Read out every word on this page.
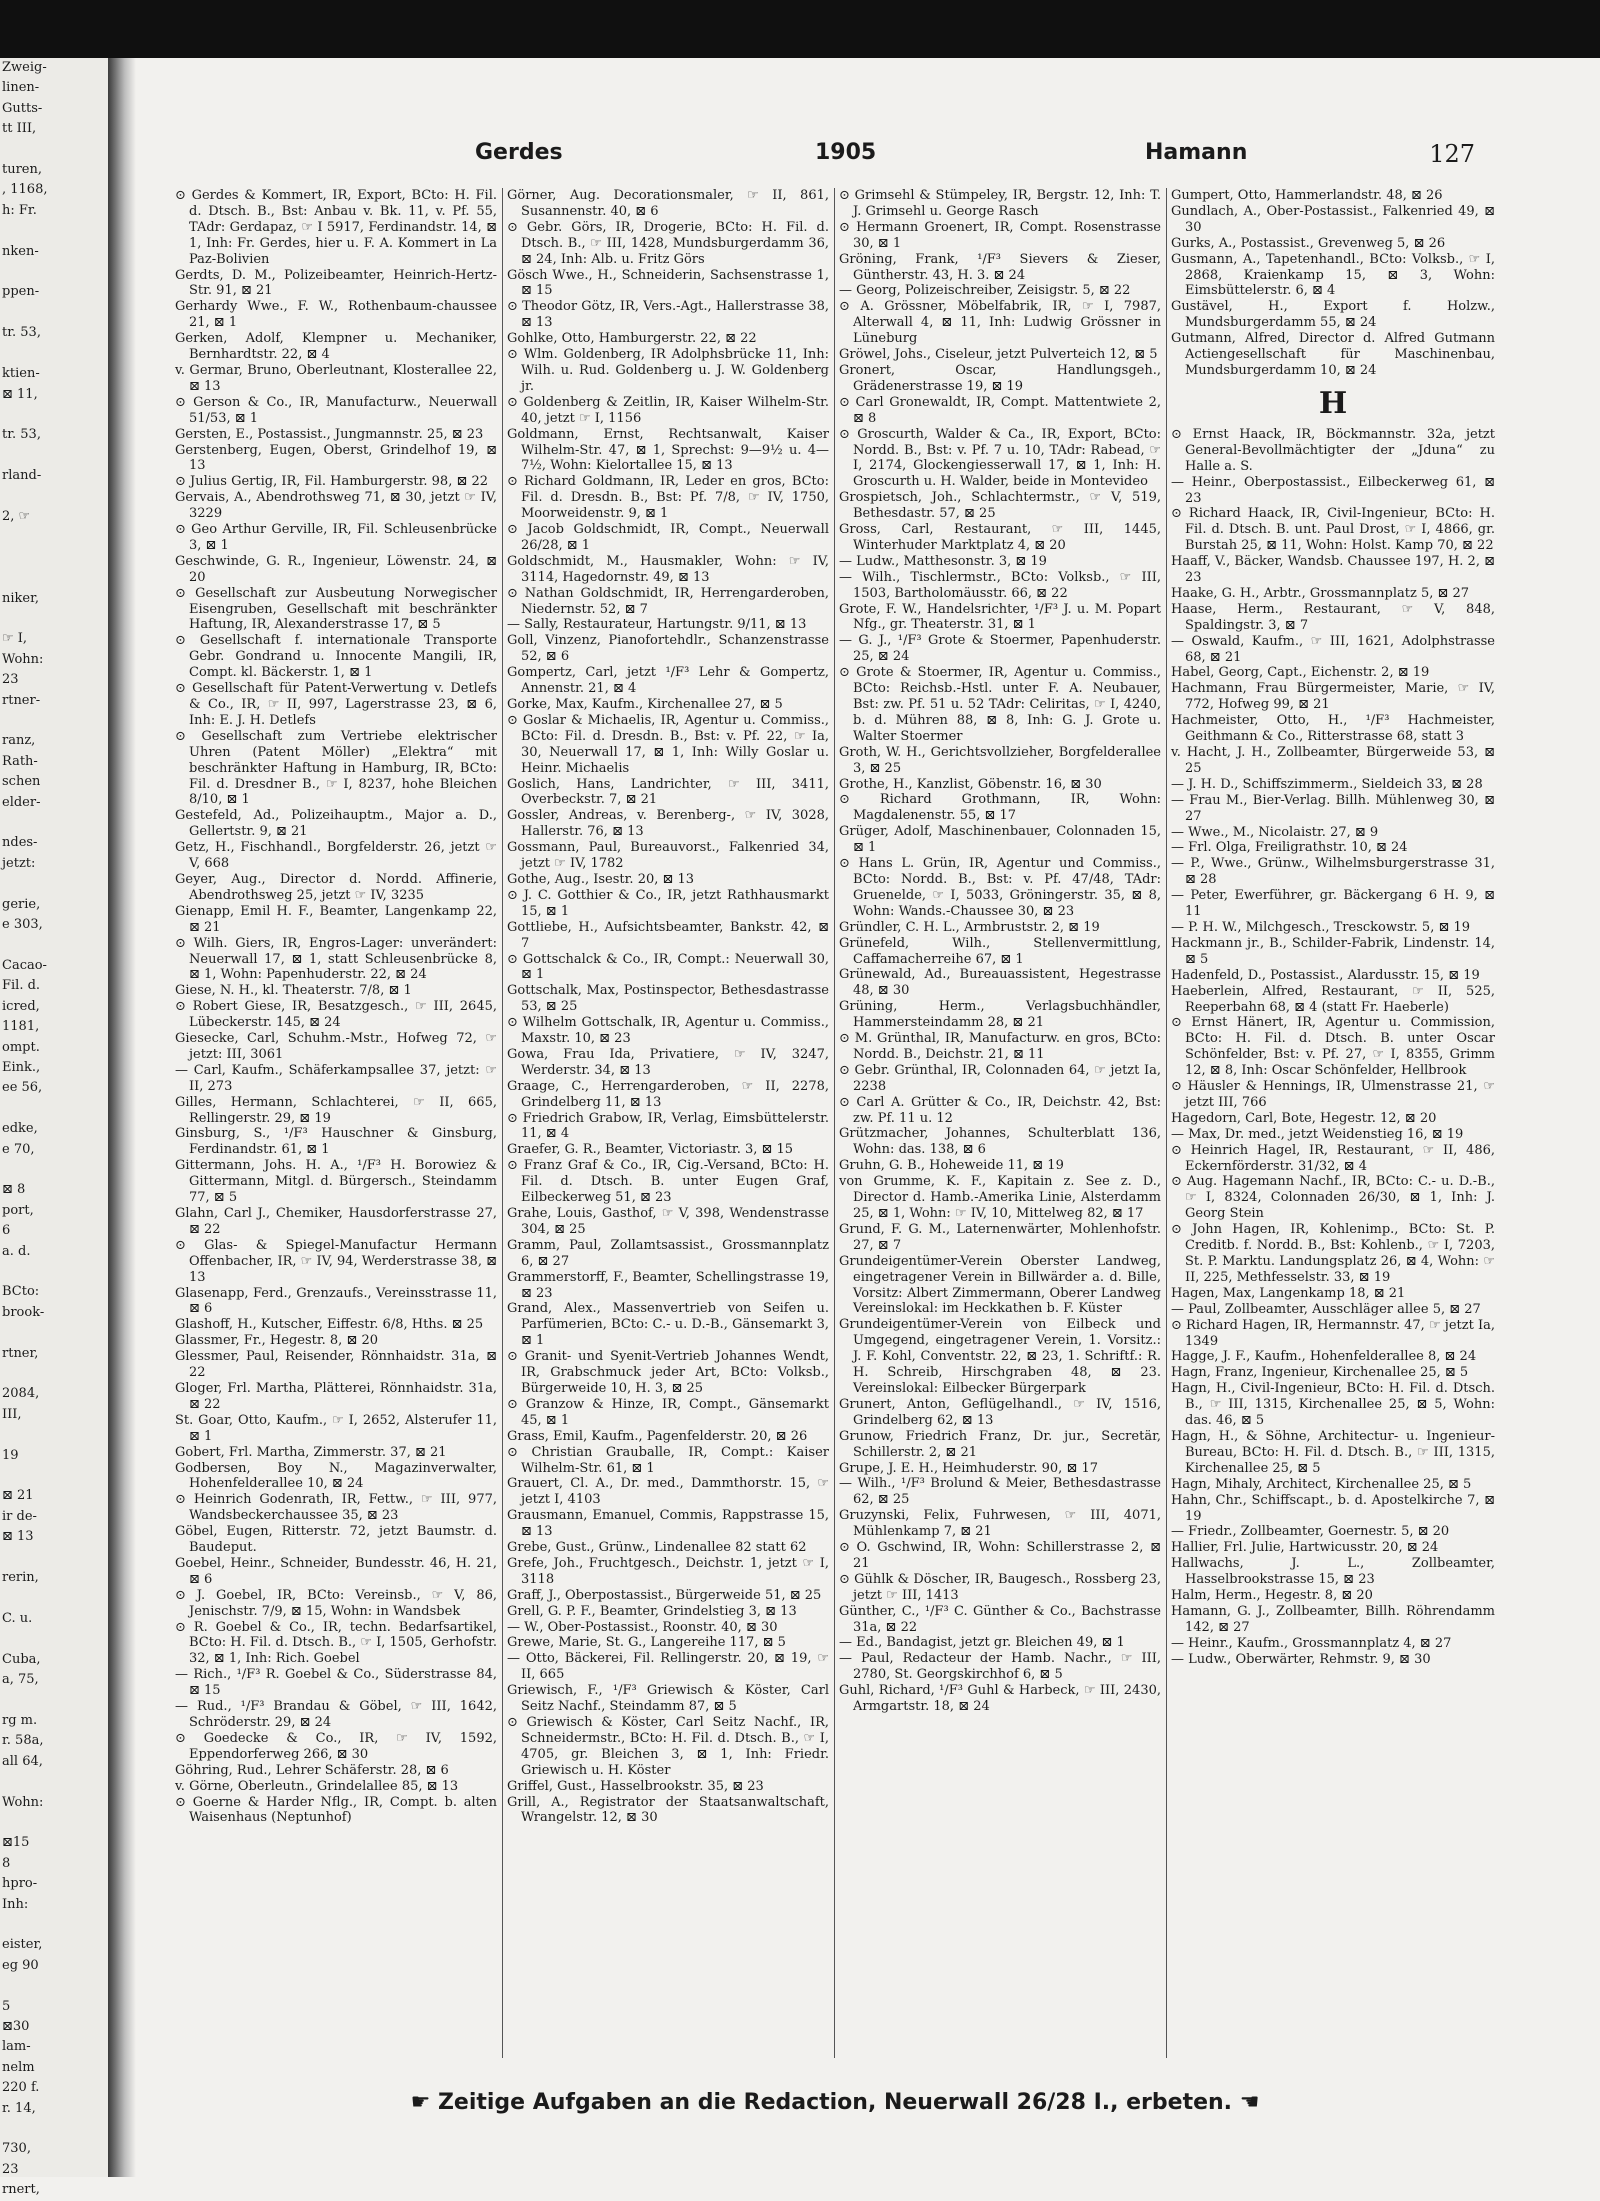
Zweig-
linen-
Gutts-
tt III,

turen,
, 1168,
h: Fr.

nken-

ppen-

tr. 53,

ktien-
⊠ 11,

tr. 53,

rland-

2, ☞

niker,

☞ I,
Wohn:
23
rtner-

ranz,
Rath-
schen
elder-

ndes-
jetzt:

gerie,
e 303,

Cacao-
Fil. d.
icred,
1181,
ompt.
Eink.,
ee 56,

edke,
e 70,

⊠ 8
port,
6
a. d.

BCto:
brook-

rtner,

2084,
III,

19

⊠ 21
ir de-
⊠ 13

rerin,

C. u.

Cuba,
a, 75,

rg m.
r. 58a,
all 64,

Wohn:

⊠15
8
hpro-
Inh:

eister,
eg 90

5
⊠30
lam-
nelm
220 f.
r. 14,

730,
23
rnert,
Gerdes	1905	Hamann	127
⊙ Gerdes & Kommert, IR, Export, BCto: H. Fil. d. Dtsch. B., Bst: Anbau v. Bk. 11, v. Pf. 55, TAdr: Gerdapaz, ☞ I 5917, Ferdinandstr. 14, ⊠ 1, Inh: Fr. Gerdes, hier u. F. A. Kommert in La Paz-Bolivien
Gerdts, D. M., Polizeibeamter, Heinrich-Hertz-Str. 91, ⊠ 21
Gerhardy Wwe., F. W., Rothenbaum-chaussee 21, ⊠ 1
Gerken, Adolf, Klempner u. Mechaniker, Bernhardtstr. 22, ⊠ 4
v. Germar, Bruno, Oberleutnant, Klosterallee 22, ⊠ 13
⊙ Gerson & Co., IR, Manufacturw., Neuerwall 51/53, ⊠ 1
Gersten, E., Postassist., Jungmannstr. 25, ⊠ 23
Gerstenberg, Eugen, Oberst, Grindelhof 19, ⊠ 13
⊙ Julius Gertig, IR, Fil. Hamburgerstr. 98, ⊠ 22
Gervais, A., Abendrothsweg 71, ⊠ 30, jetzt ☞ IV, 3229
⊙ Geo Arthur Gerville, IR, Fil. Schleusenbrücke 3, ⊠ 1
Geschwinde, G. R., Ingenieur, Löwenstr. 24, ⊠ 20
⊙ Gesellschaft zur Ausbeutung Norwegischer Eisengruben, Gesellschaft mit beschränkter Haftung, IR, Alexanderstrasse 17, ⊠ 5
⊙ Gesellschaft f. internationale Transporte Gebr. Gondrand u. Innocente Mangili, IR, Compt. kl. Bäckerstr. 1, ⊠ 1
⊙ Gesellschaft für Patent-Verwertung v. Detlefs & Co., IR, ☞ II, 997, Lagerstrasse 23, ⊠ 6, Inh: E. J. H. Detlefs
⊙ Gesellschaft zum Vertriebe elektrischer Uhren (Patent Möller) „Elektra“ mit beschränkter Haftung in Hamburg, IR, BCto: Fil. d. Dresdner B., ☞ I, 8237, hohe Bleichen 8/10, ⊠ 1
Gestefeld, Ad., Polizeihauptm., Major a. D., Gellertstr. 9, ⊠ 21
Getz, H., Fischhandl., Borgfelderstr. 26, jetzt ☞ V, 668
Geyer, Aug., Director d. Nordd. Affinerie, Abendrothsweg 25, jetzt ☞ IV, 3235
Gienapp, Emil H. F., Beamter, Langenkamp 22, ⊠ 21
⊙ Wilh. Giers, IR, Engros-Lager: unverändert: Neuerwall 17, ⊠ 1, statt Schleusenbrücke 8, ⊠ 1, Wohn: Papenhuderstr. 22, ⊠ 24
Giese, N. H., kl. Theaterstr. 7/8, ⊠ 1
⊙ Robert Giese, IR, Besatzgesch., ☞ III, 2645, Lübeckerstr. 145, ⊠ 24
Giesecke, Carl, Schuhm.-Mstr., Hofweg 72, ☞ jetzt: III, 3061
— Carl, Kaufm., Schäferkampsallee 37, jetzt: ☞ II, 273
Gilles, Hermann, Schlachterei, ☞ II, 665, Rellingerstr. 29, ⊠ 19
Ginsburg, S., ¹/F³ Hauschner & Ginsburg, Ferdinandstr. 61, ⊠ 1
Gittermann, Johs. H. A., ¹/F³ H. Borowiez & Gittermann, Mitgl. d. Bürgersch., Steindamm 77, ⊠ 5
Glahn, Carl J., Chemiker, Hausdorferstrasse 27, ⊠ 22
⊙ Glas- & Spiegel-Manufactur Hermann Offenbacher, IR, ☞ IV, 94, Werderstrasse 38, ⊠ 13
Glasenapp, Ferd., Grenzaufs., Vereinsstrasse 11, ⊠ 6
Glashoff, H., Kutscher, Eiffestr. 6/8, Hths. ⊠ 25
Glassmer, Fr., Hegestr. 8, ⊠ 20
Glessmer, Paul, Reisender, Rönnhaidstr. 31a, ⊠ 22
Gloger, Frl. Martha, Plätterei, Rönnhaidstr. 31a, ⊠ 22
St. Goar, Otto, Kaufm., ☞ I, 2652, Alsterufer 11, ⊠ 1
Gobert, Frl. Martha, Zimmerstr. 37, ⊠ 21
Godbersen, Boy N., Magazinverwalter, Hohenfelderallee 10, ⊠ 24
⊙ Heinrich Godenrath, IR, Fettw., ☞ III, 977, Wandsbeckerchaussee 35, ⊠ 23
Göbel, Eugen, Ritterstr. 72, jetzt Baumstr. d. Baudeput.
Goebel, Heinr., Schneider, Bundesstr. 46, H. 21, ⊠ 6
⊙ J. Goebel, IR, BCto: Vereinsb., ☞ V, 86, Jenischstr. 7/9, ⊠ 15, Wohn: in Wandsbek
⊙ R. Goebel & Co., IR, techn. Bedarfsartikel, BCto: H. Fil. d. Dtsch. B., ☞ I, 1505, Gerhofstr. 32, ⊠ 1, Inh: Rich. Goebel
— Rich., ¹/F³ R. Goebel & Co., Süderstrasse 84, ⊠ 15
— Rud., ¹/F³ Brandau & Göbel, ☞ III, 1642, Schröderstr. 29, ⊠ 24
⊙ Goedecke & Co., IR, ☞ IV, 1592, Eppendorferweg 266, ⊠ 30
Göhring, Rud., Lehrer Schäferstr. 28, ⊠ 6
v. Görne, Oberleutn., Grindelallee 85, ⊠ 13
⊙ Goerne & Harder Nflg., IR, Compt. b. alten Waisenhaus (Neptunhof)
Görner, Aug. Decorationsmaler, ☞ II, 861, Susannenstr. 40, ⊠ 6
⊙ Gebr. Görs, IR, Drogerie, BCto: H. Fil. d. Dtsch. B., ☞ III, 1428, Mundsburgerdamm 36, ⊠ 24, Inh: Alb. u. Fritz Görs
Gösch Wwe., H., Schneiderin, Sachsenstrasse 1, ⊠ 15
⊙ Theodor Götz, IR, Vers.-Agt., Hallerstrasse 38, ⊠ 13
Gohlke, Otto, Hamburgerstr. 22, ⊠ 22
⊙ Wlm. Goldenberg, IR Adolphsbrücke 11, Inh: Wilh. u. Rud. Goldenberg u. J. W. Goldenberg jr.
⊙ Goldenberg & Zeitlin, IR, Kaiser Wilhelm-Str. 40, jetzt ☞ I, 1156
Goldmann, Ernst, Rechtsanwalt, Kaiser Wilhelm-Str. 47, ⊠ 1, Sprechst: 9—9½ u. 4—7½, Wohn: Kielortallee 15, ⊠ 13
⊙ Richard Goldmann, IR, Leder en gros, BCto: Fil. d. Dresdn. B., Bst: Pf. 7/8, ☞ IV, 1750, Moorweidenstr. 9, ⊠ 1
⊙ Jacob Goldschmidt, IR, Compt., Neuerwall 26/28, ⊠ 1
Goldschmidt, M., Hausmakler, Wohn: ☞ IV, 3114, Hagedornstr. 49, ⊠ 13
⊙ Nathan Goldschmidt, IR, Herrengarderoben, Niedernstr. 52, ⊠ 7
— Sally, Restaurateur, Hartungstr. 9/11, ⊠ 13
Goll, Vinzenz, Pianofortehdlr., Schanzenstrasse 52, ⊠ 6
Gompertz, Carl, jetzt ¹/F³ Lehr & Gompertz, Annenstr. 21, ⊠ 4
Gorke, Max, Kaufm., Kirchenallee 27, ⊠ 5
⊙ Goslar & Michaelis, IR, Agentur u. Commiss., BCto: Fil. d. Dresdn. B., Bst: v. Pf. 22, ☞ Ia, 30, Neuerwall 17, ⊠ 1, Inh: Willy Goslar u. Heinr. Michaelis
Goslich, Hans, Landrichter, ☞ III, 3411, Overbeckstr. 7, ⊠ 21
Gossler, Andreas, v. Berenberg-, ☞ IV, 3028, Hallerstr. 76, ⊠ 13
Gossmann, Paul, Bureauvorst., Falkenried 34, jetzt ☞ IV, 1782
Gothe, Aug., Isestr. 20, ⊠ 13
⊙ J. C. Gotthier & Co., IR, jetzt Rathhausmarkt 15, ⊠ 1
Gottliebe, H., Aufsichtsbeamter, Bankstr. 42, ⊠ 7
⊙ Gottschalck & Co., IR, Compt.: Neuerwall 30, ⊠ 1
Gottschalk, Max, Postinspector, Bethesdastrasse 53, ⊠ 25
⊙ Wilhelm Gottschalk, IR, Agentur u. Commiss., Maxstr. 10, ⊠ 23
Gowa, Frau Ida, Privatiere, ☞ IV, 3247, Werderstr. 34, ⊠ 13
Graage, C., Herrengarderoben, ☞ II, 2278, Grindelberg 11, ⊠ 13
⊙ Friedrich Grabow, IR, Verlag, Eimsbüttelerstr. 11, ⊠ 4
Graefer, G. R., Beamter, Victoriastr. 3, ⊠ 15
⊙ Franz Graf & Co., IR, Cig.-Versand, BCto: H. Fil. d. Dtsch. B. unter Eugen Graf, Eilbeckerweg 51, ⊠ 23
Grahe, Louis, Gasthof, ☞ V, 398, Wendenstrasse 304, ⊠ 25
Gramm, Paul, Zollamtsassist., Grossmannplatz 6, ⊠ 27
Grammerstorff, F., Beamter, Schellingstrasse 19, ⊠ 23
Grand, Alex., Massenvertrieb von Seifen u. Parfümerien, BCto: C.- u. D.-B., Gänsemarkt 3, ⊠ 1
⊙ Granit- und Syenit-Vertrieb Johannes Wendt, IR, Grabschmuck jeder Art, BCto: Volksb., Bürgerweide 10, H. 3, ⊠ 25
⊙ Granzow & Hinze, IR, Compt., Gänsemarkt 45, ⊠ 1
Grass, Emil, Kaufm., Pagenfelderstr. 20, ⊠ 26
⊙ Christian Grauballe, IR, Compt.: Kaiser Wilhelm-Str. 61, ⊠ 1
Grauert, Cl. A., Dr. med., Dammthorstr. 15, ☞ jetzt I, 4103
Grausmann, Emanuel, Commis, Rappstrasse 15, ⊠ 13
Grebe, Gust., Grünw., Lindenallee 82 statt 62
Grefe, Joh., Fruchtgesch., Deichstr. 1, jetzt ☞ I, 3118
Graff, J., Oberpostassist., Bürgerweide 51, ⊠ 25
Grell, G. P. F., Beamter, Grindelstieg 3, ⊠ 13
— W., Ober-Postassist., Roonstr. 40, ⊠ 30
Grewe, Marie, St. G., Langereihe 117, ⊠ 5
— Otto, Bäckerei, Fil. Rellingerstr. 20, ⊠ 19, ☞ II, 665
Griewisch, F., ¹/F³ Griewisch & Köster, Carl Seitz Nachf., Steindamm 87, ⊠ 5
⊙ Griewisch & Köster, Carl Seitz Nachf., IR, Schneidermstr., BCto: H. Fil. d. Dtsch. B., ☞ I, 4705, gr. Bleichen 3, ⊠ 1, Inh: Friedr. Griewisch u. H. Köster
Griffel, Gust., Hasselbrookstr. 35, ⊠ 23
Grill, A., Registrator der Staatsanwaltschaft, Wrangelstr. 12, ⊠ 30
⊙ Grimsehl & Stümpeley, IR, Bergstr. 12, Inh: T. J. Grimsehl u. George Rasch
⊙ Hermann Groenert, IR, Compt. Rosenstrasse 30, ⊠ 1
Gröning, Frank, ¹/F³ Sievers & Zieser, Güntherstr. 43, H. 3. ⊠ 24
— Georg, Polizeischreiber, Zeisigstr. 5, ⊠ 22
⊙ A. Grössner, Möbelfabrik, IR, ☞ I, 7987, Alterwall 4, ⊠ 11, Inh: Ludwig Grössner in Lüneburg
Gröwel, Johs., Ciseleur, jetzt Pulverteich 12, ⊠ 5
Gronert, Oscar, Handlungsgeh., Grädenerstrasse 19, ⊠ 19
⊙ Carl Gronewaldt, IR, Compt. Mattentwiete 2, ⊠ 8
⊙ Groscurth, Walder & Ca., IR, Export, BCto: Nordd. B., Bst: v. Pf. 7 u. 10, TAdr: Rabead, ☞ I, 2174, Glockengiesserwall 17, ⊠ 1, Inh: H. Groscurth u. H. Walder, beide in Montevideo
Grospietsch, Joh., Schlachtermstr., ☞ V, 519, Bethesdastr. 57, ⊠ 25
Gross, Carl, Restaurant, ☞ III, 1445, Winterhuder Marktplatz 4, ⊠ 20
— Ludw., Matthesonstr. 3, ⊠ 19
— Wilh., Tischlermstr., BCto: Volksb., ☞ III, 1503, Bartholomäusstr. 66, ⊠ 22
Grote, F. W., Handelsrichter, ¹/F³ J. u. M. Popart Nfg., gr. Theaterstr. 31, ⊠ 1
— G. J., ¹/F³ Grote & Stoermer, Papenhuderstr. 25, ⊠ 24
⊙ Grote & Stoermer, IR, Agentur u. Commiss., BCto: Reichsb.-Hstl. unter F. A. Neubauer, Bst: zw. Pf. 51 u. 52 TAdr: Celiritas, ☞ I, 4240, b. d. Mühren 88, ⊠ 8, Inh: G. J. Grote u. Walter Stoermer
Groth, W. H., Gerichtsvollzieher, Borgfelderallee 3, ⊠ 25
Grothe, H., Kanzlist, Göbenstr. 16, ⊠ 30
⊙ Richard Grothmann, IR, Wohn: Magdalenenstr. 55, ⊠ 17
Grüger, Adolf, Maschinenbauer, Colonnaden 15, ⊠ 1
⊙ Hans L. Grün, IR, Agentur und Commiss., BCto: Nordd. B., Bst: v. Pf. 47/48, TAdr: Gruenelde, ☞ I, 5033, Gröningerstr. 35, ⊠ 8, Wohn: Wands.-Chaussee 30, ⊠ 23
Gründler, C. H. L., Armbruststr. 2, ⊠ 19
Grünefeld, Wilh., Stellenvermittlung, Caffamacherreihe 67, ⊠ 1
Grünewald, Ad., Bureauassistent, Hegestrasse 48, ⊠ 30
Grüning, Herm., Verlagsbuchhändler, Hammersteindamm 28, ⊠ 21
⊙ M. Grünthal, IR, Manufacturw. en gros, BCto: Nordd. B., Deichstr. 21, ⊠ 11
⊙ Gebr. Grünthal, IR, Colonnaden 64, ☞ jetzt Ia, 2238
⊙ Carl A. Grütter & Co., IR, Deichstr. 42, Bst: zw. Pf. 11 u. 12
Grützmacher, Johannes, Schulterblatt 136, Wohn: das. 138, ⊠ 6
Gruhn, G. B., Hoheweide 11, ⊠ 19
von Grumme, K. F., Kapitain z. See z. D., Director d. Hamb.-Amerika Linie, Alsterdamm 25, ⊠ 1, Wohn: ☞ IV, 10, Mittelweg 82, ⊠ 17
Grund, F. G. M., Laternenwärter, Mohlenhofstr. 27, ⊠ 7
Grundeigentümer-Verein Oberster Landweg, eingetragener Verein in Billwärder a. d. Bille, Vorsitz: Albert Zimmermann, Oberer Landweg Vereinslokal: im Heckkathen b. F. Küster
Grundeigentümer-Verein von Eilbeck und Umgegend, eingetragener Verein, 1. Vorsitz.: J. F. Kohl, Conventstr. 22, ⊠ 23, 1. Schriftf.: R. H. Schreib, Hirschgraben 48, ⊠ 23. Vereinslokal: Eilbecker Bürgerpark
Grunert, Anton, Geflügelhandl., ☞ IV, 1516, Grindelberg 62, ⊠ 13
Grunow, Friedrich Franz, Dr. jur., Secretär, Schillerstr. 2, ⊠ 21
Grupe, J. E. H., Heimhuderstr. 90, ⊠ 17
— Wilh., ¹/F³ Brolund & Meier, Bethesdastrasse 62, ⊠ 25
Gruzynski, Felix, Fuhrwesen, ☞ III, 4071, Mühlenkamp 7, ⊠ 21
⊙ O. Gschwind, IR, Wohn: Schillerstrasse 2, ⊠ 21
⊙ Gühlk & Döscher, IR, Baugesch., Rossberg 23, jetzt ☞ III, 1413
Günther, C., ¹/F³ C. Günther & Co., Bachstrasse 31a, ⊠ 22
— Ed., Bandagist, jetzt gr. Bleichen 49, ⊠ 1
— Paul, Redacteur der Hamb. Nachr., ☞ III, 2780, St. Georgskirchhof 6, ⊠ 5
Guhl, Richard, ¹/F³ Guhl & Harbeck, ☞ III, 2430, Armgartstr. 18, ⊠ 24
Gumpert, Otto, Hammerlandstr. 48, ⊠ 26
Gundlach, A., Ober-Postassist., Falkenried 49, ⊠ 30
Gurks, A., Postassist., Grevenweg 5, ⊠ 26
Gusmann, A., Tapetenhandl., BCto: Volksb., ☞ I, 2868, Kraienkamp 15, ⊠ 3, Wohn: Eimsbüttelerstr. 6, ⊠ 4
Gustävel, H., Export f. Holzw., Mundsburgerdamm 55, ⊠ 24
Gutmann, Alfred, Director d. Alfred Gutmann Actiengesellschaft für Maschinenbau, Mundsburgerdamm 10, ⊠ 24
H
⊙ Ernst Haack, IR, Böckmannstr. 32a, jetzt General-Bevollmächtigter der „Jduna“ zu Halle a. S.
— Heinr., Oberpostassist., Eilbeckerweg 61, ⊠ 23
⊙ Richard Haack, IR, Civil-Ingenieur, BCto: H. Fil. d. Dtsch. B. unt. Paul Drost, ☞ I, 4866, gr. Burstah 25, ⊠ 11, Wohn: Holst. Kamp 70, ⊠ 22
Haaff, V., Bäcker, Wandsb. Chaussee 197, H. 2, ⊠ 23
Haake, G. H., Arbtr., Grossmannplatz 5, ⊠ 27
Haase, Herm., Restaurant, ☞ V, 848, Spaldingstr. 3, ⊠ 7
— Oswald, Kaufm., ☞ III, 1621, Adolphstrasse 68, ⊠ 21
Habel, Georg, Capt., Eichenstr. 2, ⊠ 19
Hachmann, Frau Bürgermeister, Marie, ☞ IV, 772, Hofweg 99, ⊠ 21
Hachmeister, Otto, H., ¹/F³ Hachmeister, Geithmann & Co., Ritterstrasse 68, statt 3
v. Hacht, J. H., Zollbeamter, Bürgerweide 53, ⊠ 25
— J. H. D., Schiffszimmerm., Sieldeich 33, ⊠ 28
— Frau M., Bier-Verlag. Billh. Mühlenweg 30, ⊠ 27
— Wwe., M., Nicolaistr. 27, ⊠ 9
— Frl. Olga, Freiligrathstr. 10, ⊠ 24
— P., Wwe., Grünw., Wilhelmsburgerstrasse 31, ⊠ 28
— Peter, Ewerführer, gr. Bäckergang 6 H. 9, ⊠ 11
— P. H. W., Milchgesch., Tresckowstr. 5, ⊠ 19
Hackmann jr., B., Schilder-Fabrik, Lindenstr. 14, ⊠ 5
Hadenfeld, D., Postassist., Alardusstr. 15, ⊠ 19
Haeberlein, Alfred, Restaurant, ☞ II, 525, Reeperbahn 68, ⊠ 4 (statt Fr. Haeberle)
⊙ Ernst Hänert, IR, Agentur u. Commission, BCto: H. Fil. d. Dtsch. B. unter Oscar Schönfelder, Bst: v. Pf. 27, ☞ I, 8355, Grimm 12, ⊠ 8, Inh: Oscar Schönfelder, Hellbrook
⊙ Häusler & Hennings, IR, Ulmenstrasse 21, ☞ jetzt III, 766
Hagedorn, Carl, Bote, Hegestr. 12, ⊠ 20
— Max, Dr. med., jetzt Weidenstieg 16, ⊠ 19
⊙ Heinrich Hagel, IR, Restaurant, ☞ II, 486, Eckernförderstr. 31/32, ⊠ 4
⊙ Aug. Hagemann Nachf., IR, BCto: C.- u. D.-B., ☞ I, 8324, Colonnaden 26/30, ⊠ 1, Inh: J. Georg Stein
⊙ John Hagen, IR, Kohlenimp., BCto: St. P. Creditb. f. Nordd. B., Bst: Kohlenb., ☞ I, 7203, St. P. Marktu. Landungsplatz 26, ⊠ 4, Wohn: ☞ II, 225, Methfesselstr. 33, ⊠ 19
Hagen, Max, Langenkamp 18, ⊠ 21
— Paul, Zollbeamter, Ausschläger allee 5, ⊠ 27
⊙ Richard Hagen, IR, Hermannstr. 47, ☞ jetzt Ia, 1349
Hagge, J. F., Kaufm., Hohenfelderallee 8, ⊠ 24
Hagn, Franz, Ingenieur, Kirchenallee 25, ⊠ 5
Hagn, H., Civil-Ingenieur, BCto: H. Fil. d. Dtsch. B., ☞ III, 1315, Kirchenallee 25, ⊠ 5, Wohn: das. 46, ⊠ 5
Hagn, H., & Söhne, Architectur- u. Ingenieur-Bureau, BCto: H. Fil. d. Dtsch. B., ☞ III, 1315, Kirchenallee 25, ⊠ 5
Hagn, Mihaly, Architect, Kirchenallee 25, ⊠ 5
Hahn, Chr., Schiffscapt., b. d. Apostelkirche 7, ⊠ 19
— Friedr., Zollbeamter, Goernestr. 5, ⊠ 20
Hallier, Frl. Julie, Hartwicusstr. 20, ⊠ 24
Hallwachs, J. L., Zollbeamter, Hasselbrookstrasse 15, ⊠ 23
Halm, Herm., Hegestr. 8, ⊠ 20
Hamann, G. J., Zollbeamter, Billh. Röhrendamm 142, ⊠ 27
— Heinr., Kaufm., Grossmannplatz 4, ⊠ 27
— Ludw., Oberwärter, Rehmstr. 9, ⊠ 30
☛ Zeitige Aufgaben an die Redaction, Neuerwall 26/28 I., erbeten. ☚
